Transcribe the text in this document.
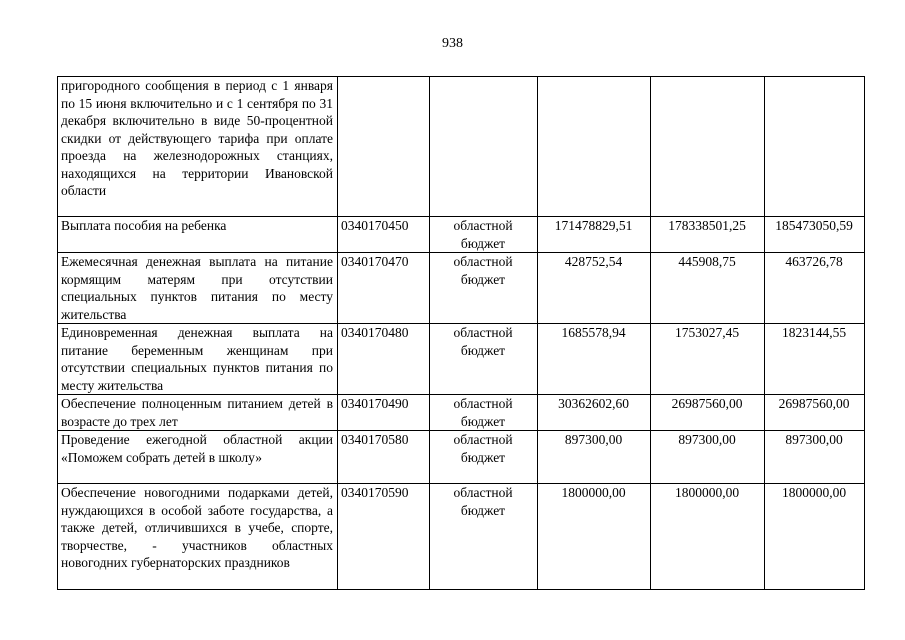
938
пригородного сообщения в период с 1 января по 15 июня включительно и с 1 сентября по 31 декабря включительно в виде 50-процентной скидки от действующего тарифа при оплате проезда на железнодорожных станциях, находящихся на территории Ивановской области					
Выплата пособия на ребенка	0340170450	областной бюджет	171478829,51	178338501,25	185473050,59
Ежемесячная денежная выплата на питание кормящим матерям при отсутствии специальных пунктов питания по месту жительства	0340170470	областной бюджет	428752,54	445908,75	463726,78
Единовременная денежная выплата на питание беременным женщинам при отсутствии специальных пунктов питания по месту жительства	0340170480	областной бюджет	1685578,94	1753027,45	1823144,55
Обеспечение полноценным питанием детей в возрасте до трех лет	0340170490	областной бюджет	30362602,60	26987560,00	26987560,00
Проведение ежегодной областной акции «Поможем собрать детей в школу»	0340170580	областной бюджет	897300,00	897300,00	897300,00
Обеспечение новогодними подарками детей, нуждающихся в особой заботе государства, а также детей, отличившихся в учебе, спорте, творчестве, - участников областных новогодних губернаторских праздников	0340170590	областной бюджет	1800000,00	1800000,00	1800000,00
